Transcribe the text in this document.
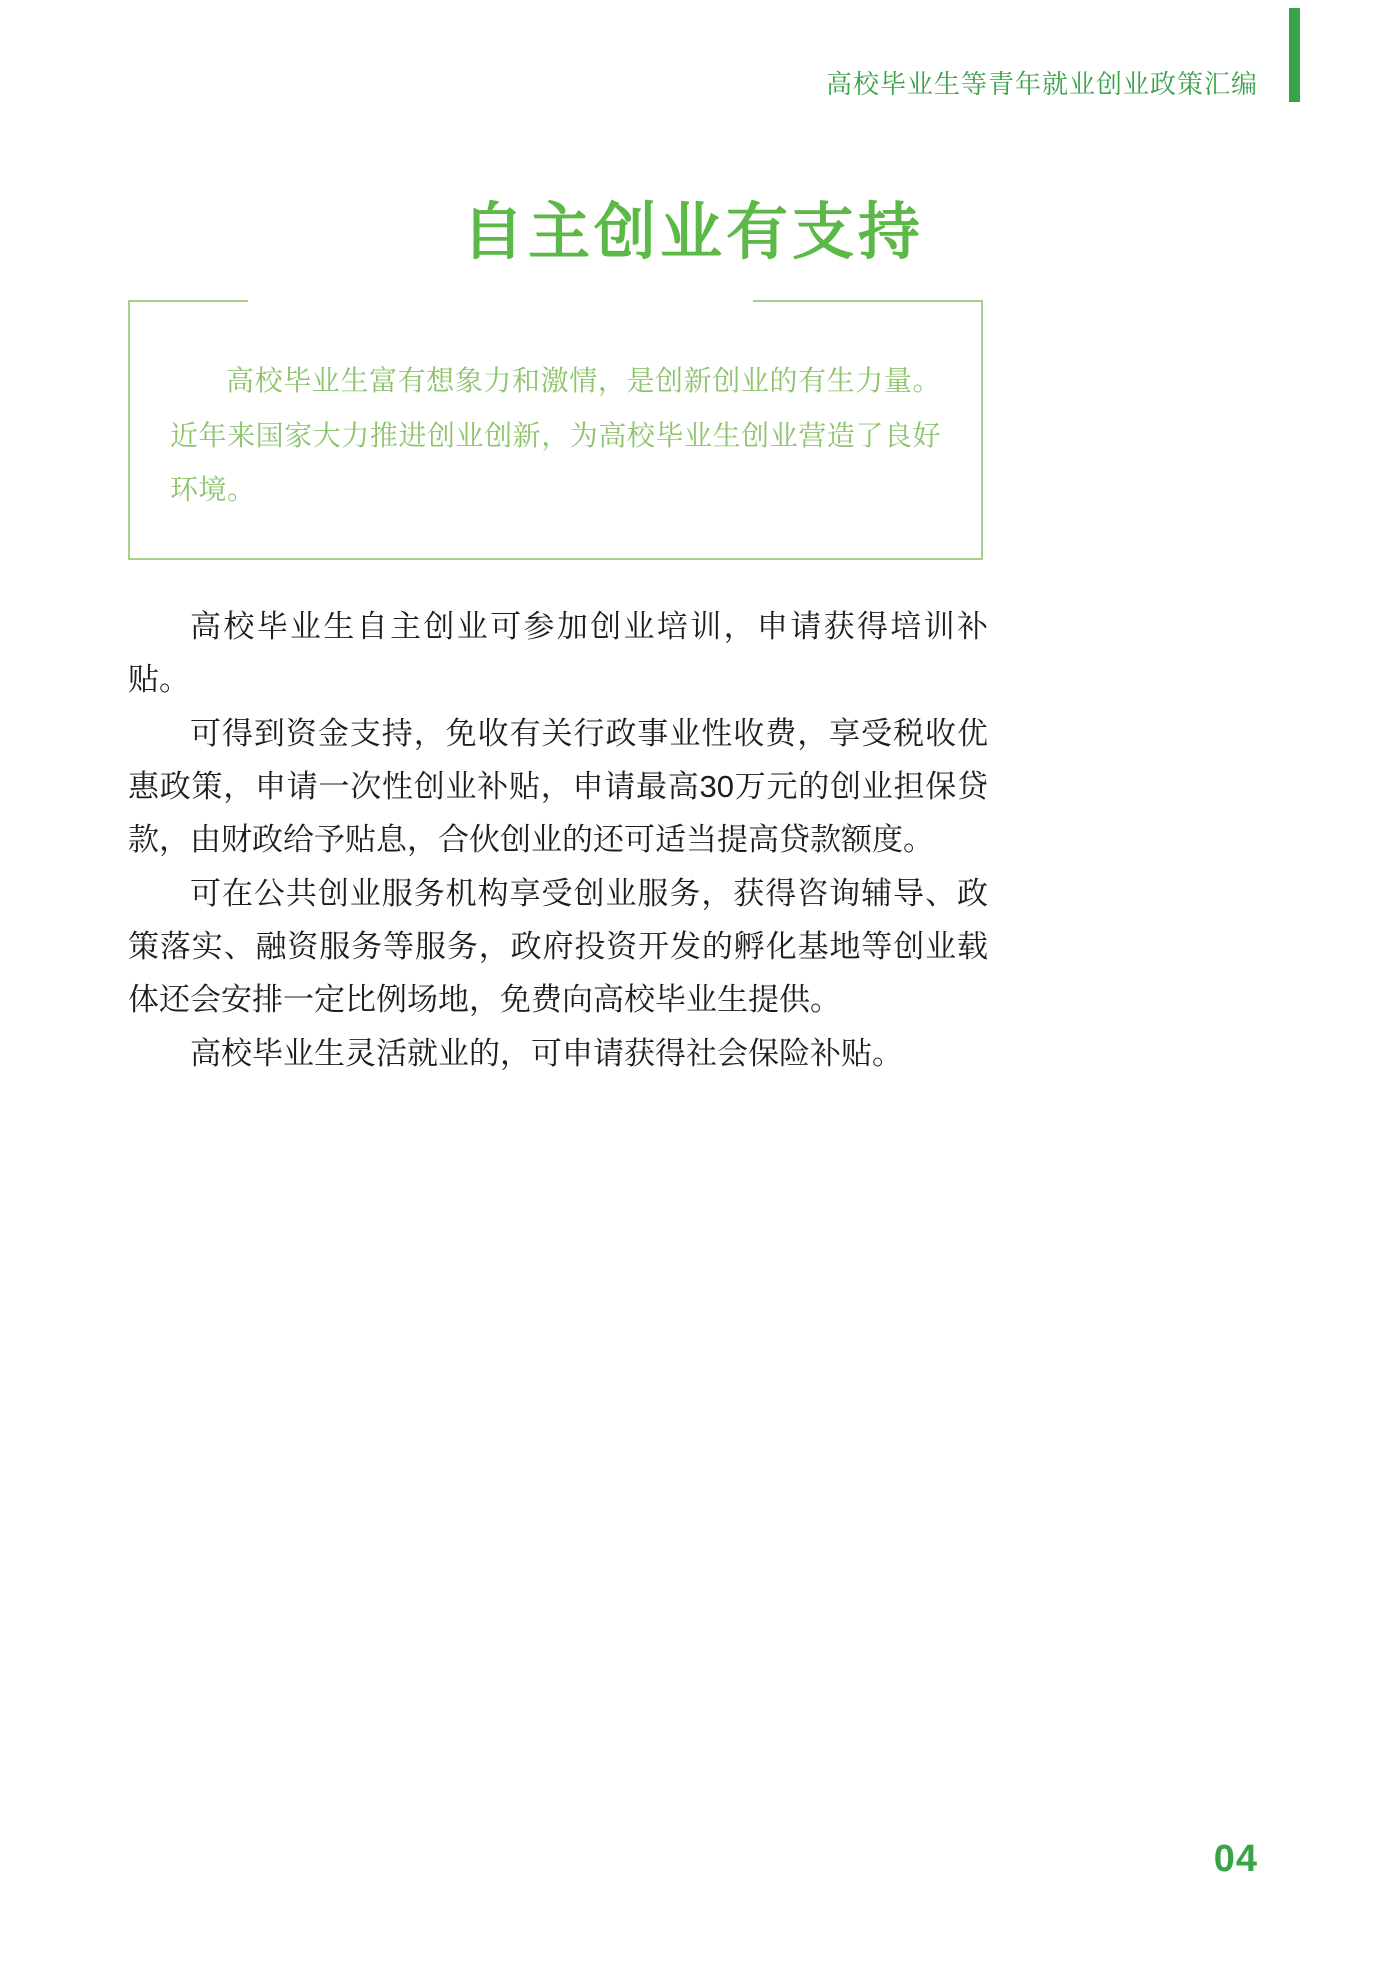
高校毕业生等青年就业创业政策汇编
自主创业有支持
高校毕业生富有想象力和激情，是创新创业的有生力量。近年来国家大力推进创业创新，为高校毕业生创业营造了良好环境。

高校毕业生自主创业可参加创业培训，申请获得培训补贴。

可得到资金支持，免收有关行政事业性收费，享受税收优惠政策，申请一次性创业补贴，申请最高30万元的创业担保贷款，由财政给予贴息，合伙创业的还可适当提高贷款额度。

可在公共创业服务机构享受创业服务，获得咨询辅导、政策落实、融资服务等服务，政府投资开发的孵化基地等创业载体还会安排一定比例场地，免费向高校毕业生提供。

高校毕业生灵活就业的，可申请获得社会保险补贴。

04
